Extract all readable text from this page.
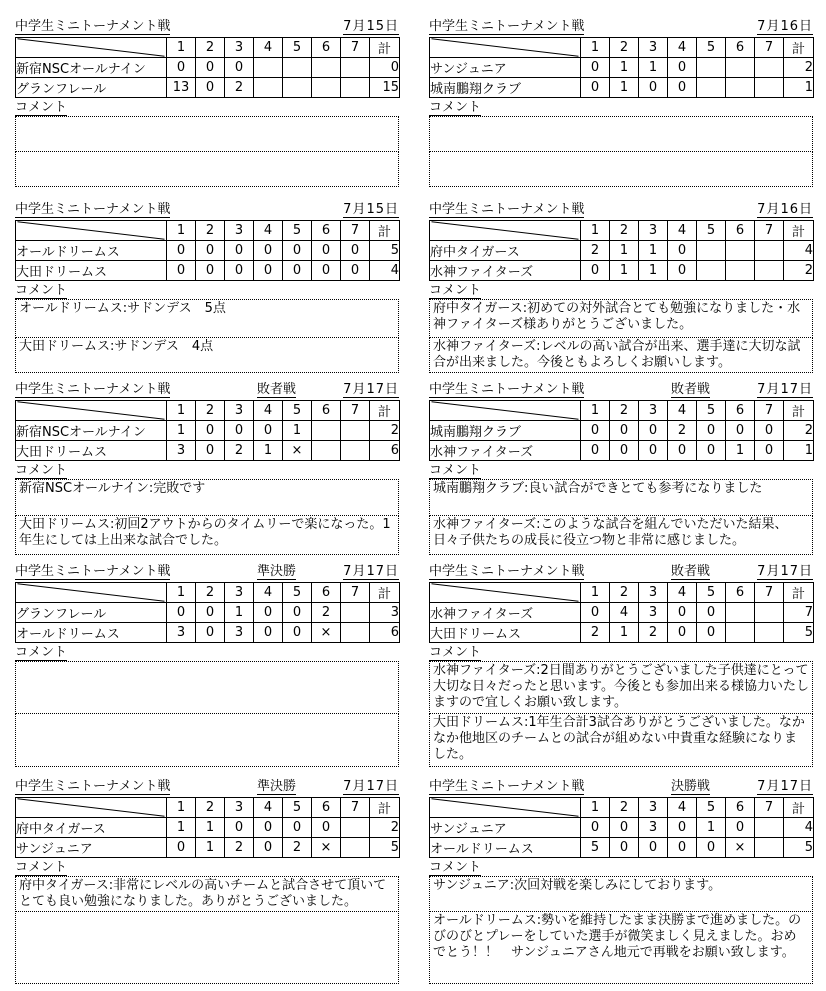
中学生ミニトーナメント戦	7月15日
	1	2	3	4	5	6	7	計
新宿NSCオールナイン	0	0	0					0
グランフレール	13	0	2					15
コメント
中学生ミニトーナメント戦	7月16日
	1	2	3	4	5	6	7	計
サンジュニア	0	1	1	0				2
城南鵬翔クラブ	0	1	0	0				1
コメント
中学生ミニトーナメント戦	7月15日
	1	2	3	4	5	6	7	計
オールドリームス	0	0	0	0	0	0	0	5
大田ドリームス	0	0	0	0	0	0	0	4
コメント
オールドリームス:サドンデス　5点
大田ドリームス:サドンデス　4点
中学生ミニトーナメント戦	7月16日
	1	2	3	4	5	6	7	計
府中タイガース	2	1	1	0				4
水神ファイターズ	0	1	1	0				2
コメント
府中タイガース:初めての対外試合とても勉強になりました・水神ファイターズ様ありがとうございました。
水神ファイターズ:レベルの高い試合が出来、選手達に大切な試合が出来ました。今後ともよろしくお願いします。
中学生ミニトーナメント戦	敗者戦	7月17日
	1	2	3	4	5	6	7	計
新宿NSCオールナイン	1	0	0	0	1			2
大田ドリームス	3	0	2	1	×			6
コメント
新宿NSCオールナイン:完敗です
大田ドリームス:初回2アウトからのタイムリーで楽になった。1年生にしては上出来な試合でした。
中学生ミニトーナメント戦	敗者戦	7月17日
	1	2	3	4	5	6	7	計
城南鵬翔クラブ	0	0	0	2	0	0	0	2
水神ファイターズ	0	0	0	0	0	1	0	1
コメント
城南鵬翔クラブ:良い試合ができとても参考になりました
水神ファイターズ:このような試合を組んでいただいた結果、日々子供たちの成長に役立つ物と非常に感じました。
中学生ミニトーナメント戦	準決勝	7月17日
	1	2	3	4	5	6	7	計
グランフレール	0	0	1	0	0	2		3
オールドリームス	3	0	3	0	0	×		6
コメント
中学生ミニトーナメント戦	敗者戦	7月17日
	1	2	3	4	5	6	7	計
水神ファイターズ	0	4	3	0	0			7
大田ドリームス	2	1	2	0	0			5
コメント
水神ファイターズ:2日間ありがとうございました子供達にとって大切な日々だったと思います。今後とも参加出来る様協力いたしますので宜しくお願い致します。
大田ドリームス:1年生合計3試合ありがとうございました。なかなか他地区のチームとの試合が組めない中貴重な経験になりました。
中学生ミニトーナメント戦	準決勝	7月17日
	1	2	3	4	5	6	7	計
府中タイガース	1	1	0	0	0	0		2
サンジュニア	0	1	2	0	2	×		5
コメント
府中タイガース:非常にレベルの高いチームと試合させて頂いてとても良い勉強になりました。ありがとうございました。
中学生ミニトーナメント戦	決勝戦	7月17日
	1	2	3	4	5	6	7	計
サンジュニア	0	0	3	0	1	0		4
オールドリームス	5	0	0	0	0	×		5
コメント
サンジュニア:次回対戦を楽しみにしております。
オールドリームス:勢いを維持したまま決勝まで進めました。のびのびとプレーをしていた選手が微笑ましく見えました。おめでとう！！　サンジュニアさん地元で再戦をお願い致します。
